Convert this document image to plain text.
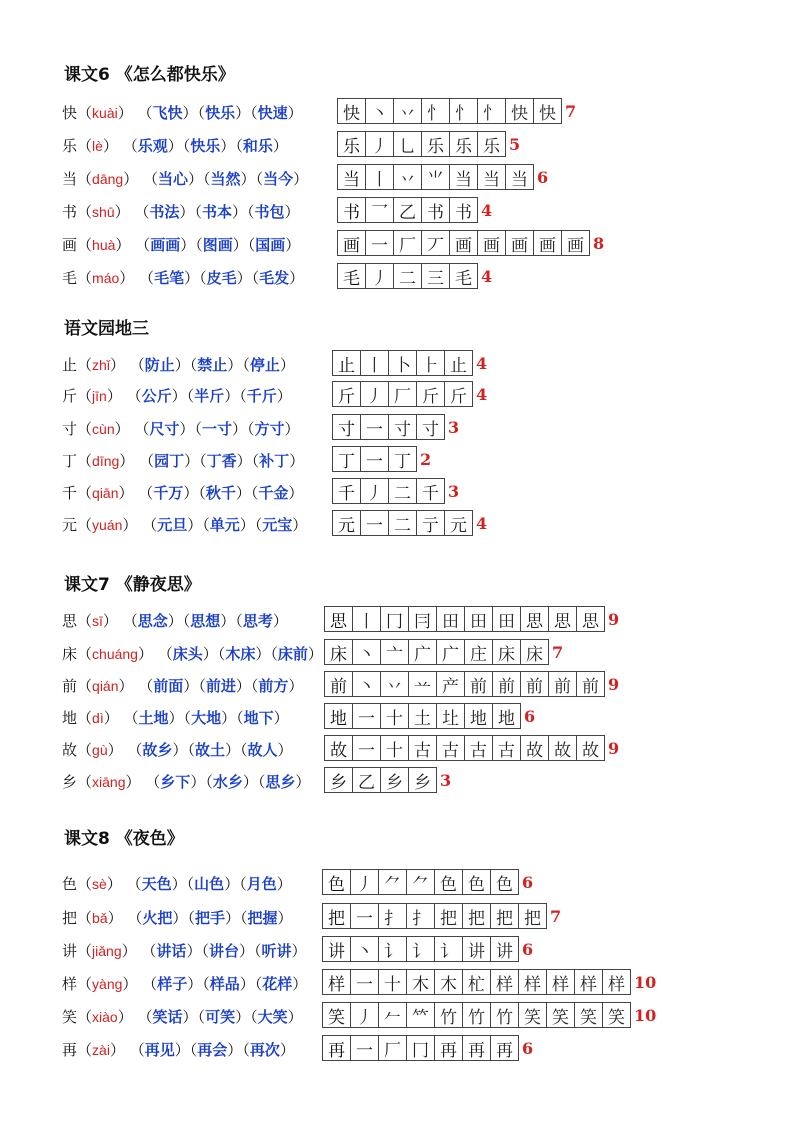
课文6 《怎么都快乐》
快（kuài） （飞快）（快乐）（快速）	快 丶 丷 忄 忄 忄 快 快 7
乐（lè） （乐观）（快乐）（和乐）	乐 丿 乚 乐 乐 乐 5
当（dāng） （当心）（当然）（当今）	当 丨 丷 ⺌ 当 当 当 6
书（shū） （书法）（书本）（书包）	书 乛 乙 书 书 4
画（huà） （画画）（图画）（国画）	画 一 厂 丆 画 画 画 画 画 8
毛（máo） （毛笔）（皮毛）（毛发）	毛 丿 二 三 毛 4
语文园地三
止（zhǐ） （防止）（禁止）（停止）	止 丨 卜 ⺊ 止 4
斤（jīn） （公斤）（半斤）（千斤）	斤 丿 厂 斤 斤 4
寸（cùn） （尺寸）（一寸）（方寸）	寸 一 寸 寸 3
丁（dīng） （园丁）（丁香）（补丁）	丁 一 丁 2
千（qiān） （千万）（秋千）（千金）	千 丿 二 千 3
元（yuán） （元旦）（单元）（元宝）	元 一 二 亍 元 4
课文7 《静夜思》
思（sī） （思念）（思想）（思考）	思 丨 冂 冃 田 田 田 思 思 思 9
床（chuáng） （床头）（木床）（床前） 床 丶 亠 广 广 庄 床 床 7
前（qián） （前面）（前进）（前方）	前 丶 丷 䒑 产 前 前 前 前 前 9
地（dì） （土地）（大地）（地下）	地 一 十 土 圵 地 地 6
故（gù） （故乡）（故土）（故人）	故 一 十 古 古 古 古 故 故 故 9
乡（xiāng） （乡下）（水乡）（思乡）	乡 乙 乡 乡 3
课文8 《夜色》
色（sè） （天色）（山色）（月色）	色 丿 ⺈ ⺈ 色 色 色 6
把（bǎ） （火把）（把手）（把握）	把 一 扌 扌 把 把 把 把 7
讲（jiǎng） （讲话）（讲台）（听讲）	讲 丶 讠 讠 讠 讲 讲 6
样（yàng） （样子）（样品）（花样）	样 一 十 木 木 杧 样 样 样 样 样 10
笑（xiào） （笑话）（可笑）（大笑）	笑 丿 𠂉 𥫗 竹 竹 竹 笑 笑 笑 笑 10
再（zài） （再见）（再会）（再次）	再 一 厂 冂 再 再 再 6
